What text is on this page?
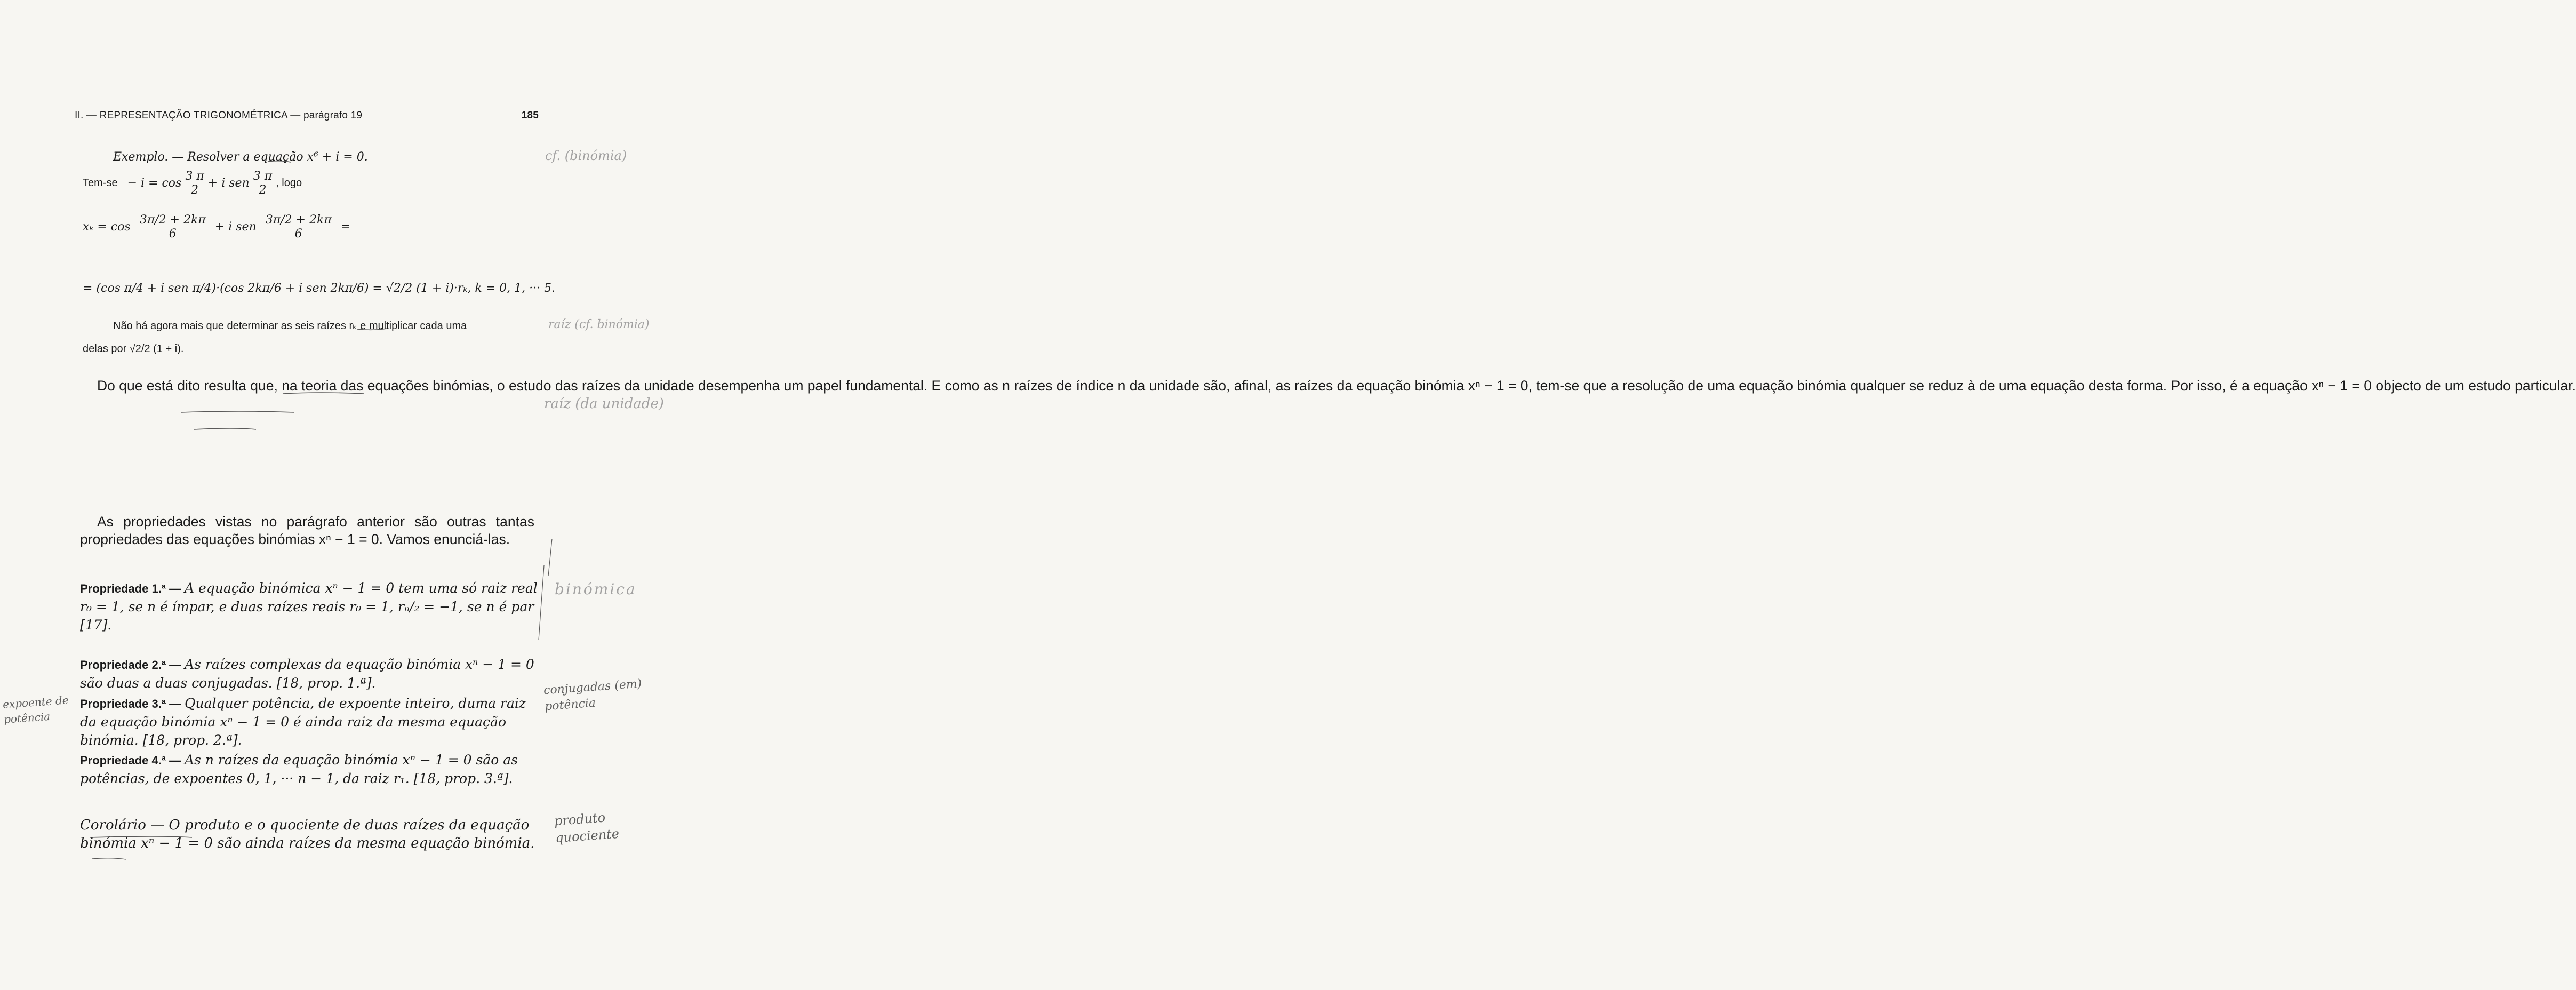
II. — REPRESENTAÇÃO TRIGONOMÉTRICA — parágrafo 19	185
Exemplo. — Resolver a equação x⁶ + i = 0.
$Tem-se - i = \cos \frac{3 \pi}{2} + i$ sen $\frac{3 \pi}{2}$ , logo
$x_k = \cos \frac{3\pi/2 + 2k\pi}{6} + i$ sen $\frac{3\pi/2 + 2k\pi}{6}$ =
= (cos π/4 + i sen π/4)·(cos 2kπ/6 + i sen 2kπ/6) = √2/2 (1 + i)·rₖ, k = 0, 1, ··· 5.
Não há agora mais que determinar as seis raízes rₖ e multiplicar cada uma
delas por √2/2 (1 + i).

Do que está dito resulta que, na teoria das equações binómias, o estudo das raízes da unidade desempenha um papel fundamental. E como as n raízes de índice n da unidade são, afinal, as raízes da equação binómia xⁿ − 1 = 0, tem-se que a resolução de uma equação binómia qualquer se reduz à de uma equação desta forma. Por isso, é a equação xⁿ − 1 = 0 objecto de um estudo particular.

As propriedades vistas no parágrafo anterior são outras tantas propriedades das equações binómias xⁿ − 1 = 0. Vamos enunciá-las.

Propriedade 1.ª — A equação binómica xⁿ − 1 = 0 tem uma só raiz real r₀ = 1, se n é ímpar, e duas raízes reais r₀ = 1, rₙ/₂ = −1, se n é par [17].
Propriedade 2.ª — As raízes complexas da equação binómia xⁿ − 1 = 0 são duas a duas conjugadas. [18, prop. 1.ª].
Propriedade 3.ª — Qualquer potência, de expoente inteiro, duma raiz da equação binómia xⁿ − 1 = 0 é ainda raiz da mesma equação binómia. [18, prop. 2.ª].
Propriedade 4.ª — As n raízes da equação binómia xⁿ − 1 = 0 são as potências, de expoentes 0, 1, ··· n − 1, da raiz r₁. [18, prop. 3.ª].
Corolário — O produto e o quociente de duas raízes da equação binómia xⁿ − 1 = 0 são ainda raízes da mesma equação binómia.
cf. (binómia)
raíz (cf. binómia)
raíz (da unidade)
binómica
conjugadas (em) potência
expoente de potência
produto quociente
